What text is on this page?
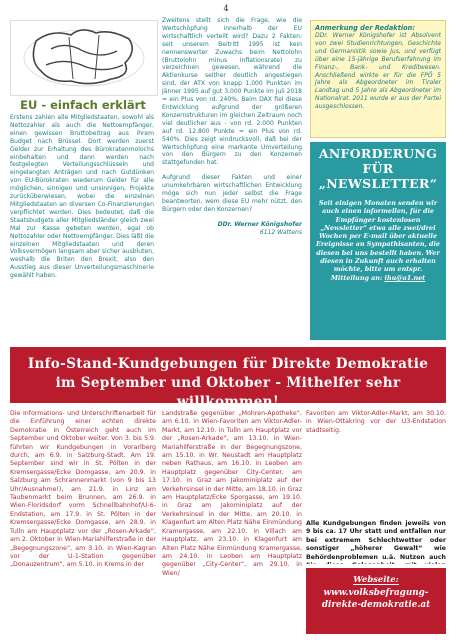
4
EU - einfach erklärt
Erstens zahlen alle Mitgliedstaaten, sowohl als Nettozahler als auch die Nettoempfänger, einen gewissen Bruttobeitrag aus ihrem Budget nach Brüssel. Dort werden zuerst Gelder zur Erhaltung des Bürokratenmolochs einbehalten und dann werden nach festgelegten Verteilungsschlüsseln und eingelangten Anträgen und nach Gutdünken von EU-Bürokraten wiederum Gelder für alle möglichen, sinnigen und unsinnigen, Projekte zurücküberwiesen, wobei die einzelnen Mitgliedstaaten an diversen Co-Finanzierungen verpflichtet werden. Dies bedeutet, daß die Staatsbudgets aller Mitgliedsländer gleich zwei Mal zur Kasse gebeten werden, egal ob Nettozahler oder Nettoempfänger. Dies läßt die einzelnen Mitgliedstaaten und deren Volksvermögen langsam aber sicher ausbluten, weshalb die Briten den Brexit, also den Ausstieg aus dieser Unverteilungsmaschinerie gewählt haben.
Zweitens stellt sich die Frage, wie die Wertschöpfung innerhalb der EU wirtschaftlich verteilt wird? Dazu 2 Fakten: seit unserem Beitritt 1995 ist kein nennenswerter Zuwachs beim Nettolohn (Bruttolohn minus Inflationsrate) zu verzeichnen gewesen, während die Aktienkurse seither deutlich angestiegen sind, der ATX von knapp 1.000 Punkten im Jänner 1995 auf gut 3.000 Punkte im Juli 2018 = ein Plus von rd. 240%. Beim DAX fiel diese Entwicklung aufgrund der größeren Konzernstrukturen im gleichen Zeitraum noch viel deutlicher aus - von rd. 2.000 Punkten auf rd. 12.800 Punkte = ein Plus von rd. 540%. Dies zeigt eindrucksvoll, daß bei der Wertschöpfung eine markante Umverteilung von den Bürgern zu den Konzernen stattgefunden hat.
Aufgrund dieser Fakten und einer unumkehrbaren wirtschaftlichen Entwicklung möge sich nun jeder selbst die Frage beantworten, wem diese EU mehr nützt, den Bürgern oder den Konzernen?
DDr. Werner Königshofer
6112 Wattens
Anmerkung der Redaktion:
DDr. Werner Königshofer ist Absolvent von zwei Studienrichtungen, Geschichte und Germanistik sowie Jus, und verfügt über eine 15-jährige Berufserfahrung im Finanz-, Bank- und Kreditwesen. Anschließend wirkte er für die FPÖ 5 Jahre als Abgeordneter im Tiroler Landtag und 5 Jahre als Abgeordneter im Nationalrat. 2011 wurde er aus der Partei ausgeschlossen.
ANFORDERUNG
FÜR
„NEWSLETTER“
Seit einigen Monaten senden wir auch einen informellen, für die Empfänger kostenlosen „Newsletter“ etwa alle zwei/drei Wochen per E-mail über aktuelle Ereignisse an Sympathisanten, die diesen bei uns bestellt haben. Wer diesen in Zukunft auch erhalten möchte, bitte um entspr. Mitteilung an: ihu@a1.net
Info-Stand-Kundgebungen für Direkte Demokratie
im September und Oktober - Mithelfer sehr willkommen!
Die Informations- und Unterschriftenarbeit für die Einführung einer echten direkte Demokratie in Österreich geht auch im September und Oktober weiter. Von 3. bis 5.9. führten wir Kundgebungen in Vorarlberg durch, am 6.9. in Salzburg-Stadt. Am 19. September sind wir in St. Pölten in der Kremsergasse/Ecke Domgasse, am 20.9. in Salzburg am Schrannenmarkt (von 9 bis 13 Uhr/Ausnahme!), am 21.9. in Linz am Taubenmarkt beim Brunnen, am 26.9. in Wien-Floridsdorf vorm Schnellbahnhof/U-6-Endstation, am 17.9. in St. Pölten in der Kremsergasse/Ecke Domgasse, am 28.9. in Tulln am Hauptplatz vor der „Rosen-Arkade“, am 2. Oktober in Wien-Mariahilferstraße in der „Begegnungszone“, am 3.10. in Wien-Kagran vor der U-1-Station gegenüber „Donauzentrum“, am 5.10. in Krems in der
Landstraße gegenüber „Mohren-Apotheke“, am 6.10. in Wien-Favoriten am Viktor-Adler-Markt, am 12.10. in Tulln am Hauptplatz vor der „Rosen-Arkade“, am 13.10. in Wien-Mariahilferstraße in der Begegnungszone, am 15.10. in Wr. Neustadt am Hauptplatz neben Rathaus, am 16.10. in Leoben am Hauptplatz gegenüber City-Center, am 17.10. in Graz am Jakominiplatz auf der Verkehrsinsel in der Mitte, am 18.10. in Graz am Hauptplatz/Ecke Sporgasse, am 19.10. in Graz am Jakominiplatz auf der Verkehrsinsel in der Mitte, am 20.10. in Klagenfurt am Alten Platz Nähe Einmündung Kramergasse, am 22.10. in Villach am Hauptplatz, am 23.10. in Klagenfurt am Alten Platz Nähe Einmündung Kramergasse, am 24.10. in Leoben am Hauptplatz gegenüber „City-Center“, am 29.10. in Wien/
Favoriten am Viktor-Adler-Markt, am 30.10. in Wien-Ottakring vor der U3-Endstation stadtseitig.
Alle Kundgebungen finden jeweils von 9 bis ca. 17 Uhr statt und entfallen nur bei extremem Schlechtwetter oder sonstiger „höherer Gewalt“ wie Behördenproblemen u.ä. Nutzen auch
Webseite:
www.volksbefragung-
direkte-demokratie.at
